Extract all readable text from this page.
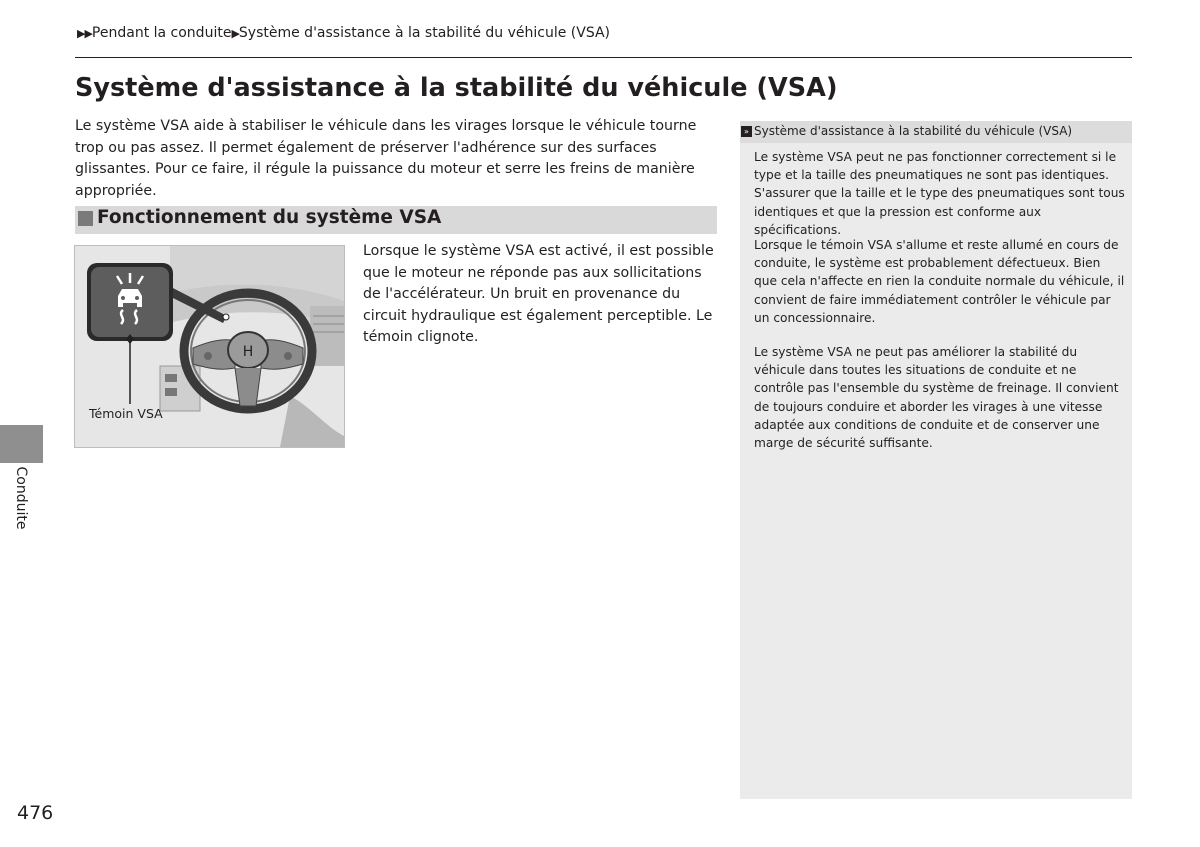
▶▶Pendant la conduite▶Système d'assistance à la stabilité du véhicule (VSA)
Système d'assistance à la stabilité du véhicule (VSA)

Le système VSA aide à stabiliser le véhicule dans les virages lorsque le véhicule tourne trop ou pas assez. Il permet également de préserver l'adhérence sur des surfaces glissantes. Pour ce faire, il régule la puissance du moteur et serre les freins de manière appropriée.

Fonctionnement du système VSA
H
Témoin VSA

Lorsque le système VSA est activé, il est possible que le moteur ne réponde pas aux sollicitations de l'accélérateur. Un bruit en provenance du circuit hydraulique est également perceptible. Le témoin clignote.

» Système d'assistance à la stabilité du véhicule (VSA)

Le système VSA peut ne pas fonctionner correctement si le type et la taille des pneumatiques ne sont pas identiques. S'assurer que la taille et le type des pneumatiques sont tous identiques et que la pression est conforme aux spécifications.

Lorsque le témoin VSA s'allume et reste allumé en cours de conduite, le système est probablement défectueux. Bien que cela n'affecte en rien la conduite normale du véhicule, il convient de faire immédiatement contrôler le véhicule par un concessionnaire.

Le système VSA ne peut pas améliorer la stabilité du véhicule dans toutes les situations de conduite et ne contrôle pas l'ensemble du système de freinage. Il convient de toujours conduire et aborder les virages à une vitesse adaptée aux conditions de conduite et de conserver une marge de sécurité suffisante.

Conduite
476
